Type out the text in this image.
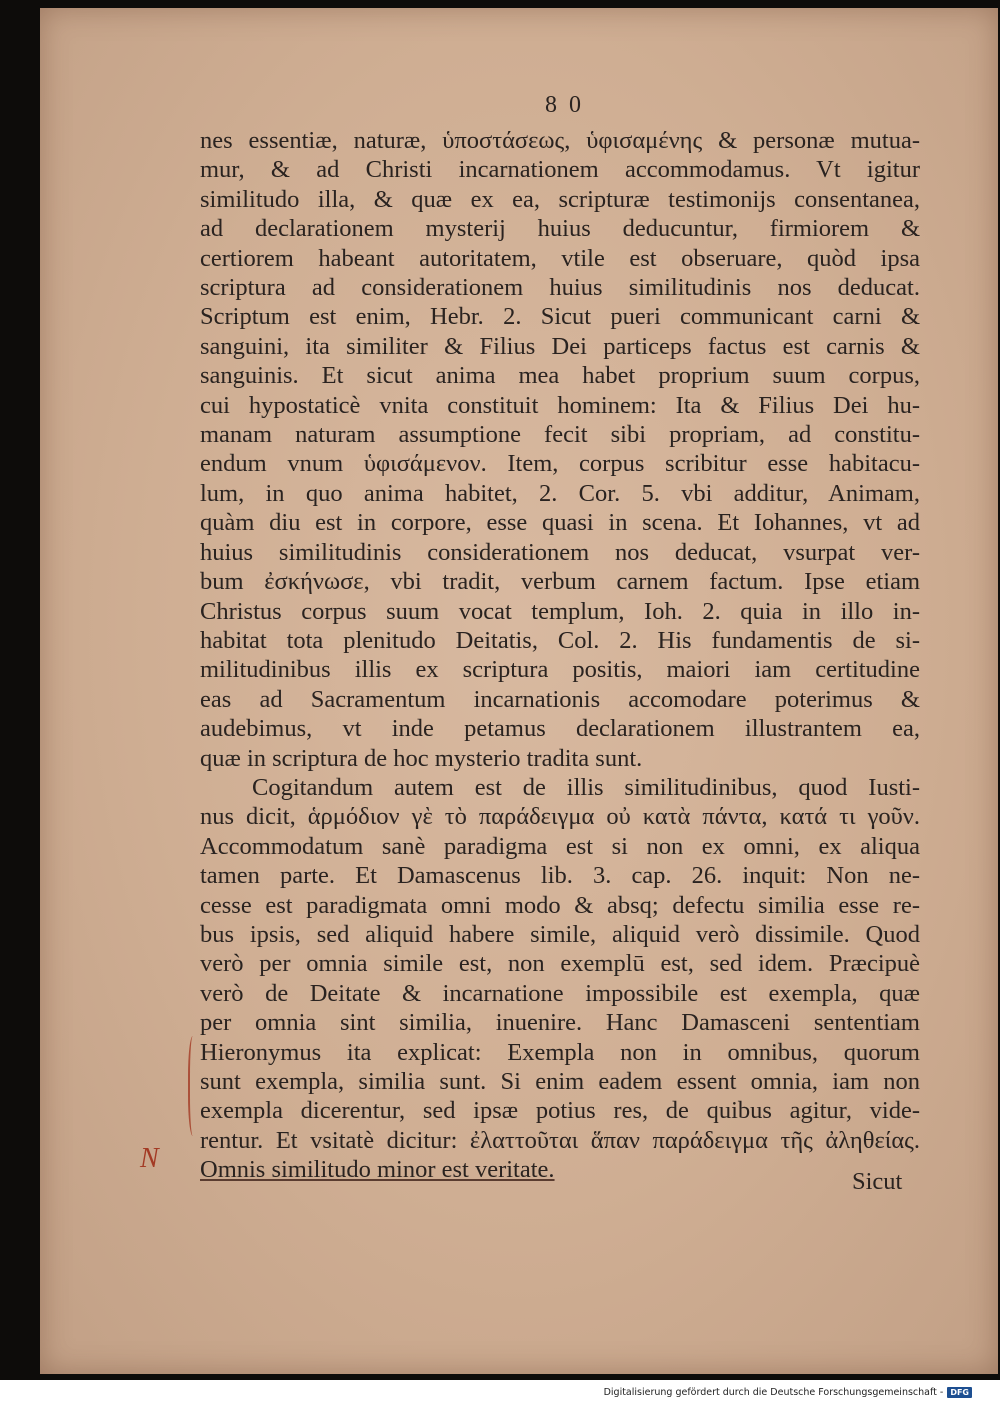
8 0
nes essentiæ, naturæ, ὑποστάσεως, ὑφισαμένης & personæ mutua-
mur, & ad Christi incarnationem accommodamus. Vt igitur
similitudo illa, & quæ ex ea, scripturæ testimonijs consentanea,
ad declarationem mysterij huius deducuntur, firmiorem &
certiorem habeant autoritatem, vtile est obseruare, quòd ipsa
scriptura ad considerationem huius similitudinis nos deducat.
Scriptum est enim, Hebr. 2. Sicut pueri communicant carni &
sanguini, ita similiter & Filius Dei particeps factus est carnis &
sanguinis. Et sicut anima mea habet proprium suum corpus,
cui hypostaticè vnita constituit hominem: Ita & Filius Dei hu-
manam naturam assumptione fecit sibi propriam, ad constitu-
endum vnum ὑφισάμενον. Item, corpus scribitur esse habitacu-
lum, in quo anima habitet, 2. Cor. 5. vbi additur, Animam,
quàm diu est in corpore, esse quasi in scena. Et Iohannes, vt ad
huius similitudinis considerationem nos deducat, vsurpat ver-
bum ἐσκήνωσε, vbi tradit, verbum carnem factum. Ipse etiam
Christus corpus suum vocat templum, Ioh. 2. quia in illo in-
habitat tota plenitudo Deitatis, Col. 2. His fundamentis de si-
militudinibus illis ex scriptura positis, maiori iam certitudine
eas ad Sacramentum incarnationis accomodare poterimus &
audebimus, vt inde petamus declarationem illustrantem ea,
quæ in scriptura de hoc mysterio tradita sunt.
Cogitandum autem est de illis similitudinibus, quod Iusti-
nus dicit, ἁρμόδιον γὲ τὸ παράδειγμα οὐ κατὰ πάντα, κατά τι γοῦν.
Accommodatum sanè paradigma est si non ex omni, ex aliqua
tamen parte. Et Damascenus lib. 3. cap. 26. inquit: Non ne-
cesse est paradigmata omni modo & absq; defectu similia esse re-
bus ipsis, sed aliquid habere simile, aliquid verò dissimile. Quod
verò per omnia simile est, non exemplū est, sed idem. Præcipuè
verò de Deitate & incarnatione impossibile est exempla, quæ
per omnia sint similia, inuenire. Hanc Damasceni sententiam
Hieronymus ita explicat: Exempla non in omnibus, quorum
sunt exempla, similia sunt. Si enim eadem essent omnia, iam non
exempla dicerentur, sed ipsæ potius res, de quibus agitur, vide-
rentur. Et vsitatè dicitur: ἐλαττοῦται ἅπαν παράδειγμα τῆς ἀληθείας.
Omnis similitudo minor est veritate.
N
Sicut
Digitalisierung gefördert durch die Deutsche Forschungsgemeinschaft - DFG
